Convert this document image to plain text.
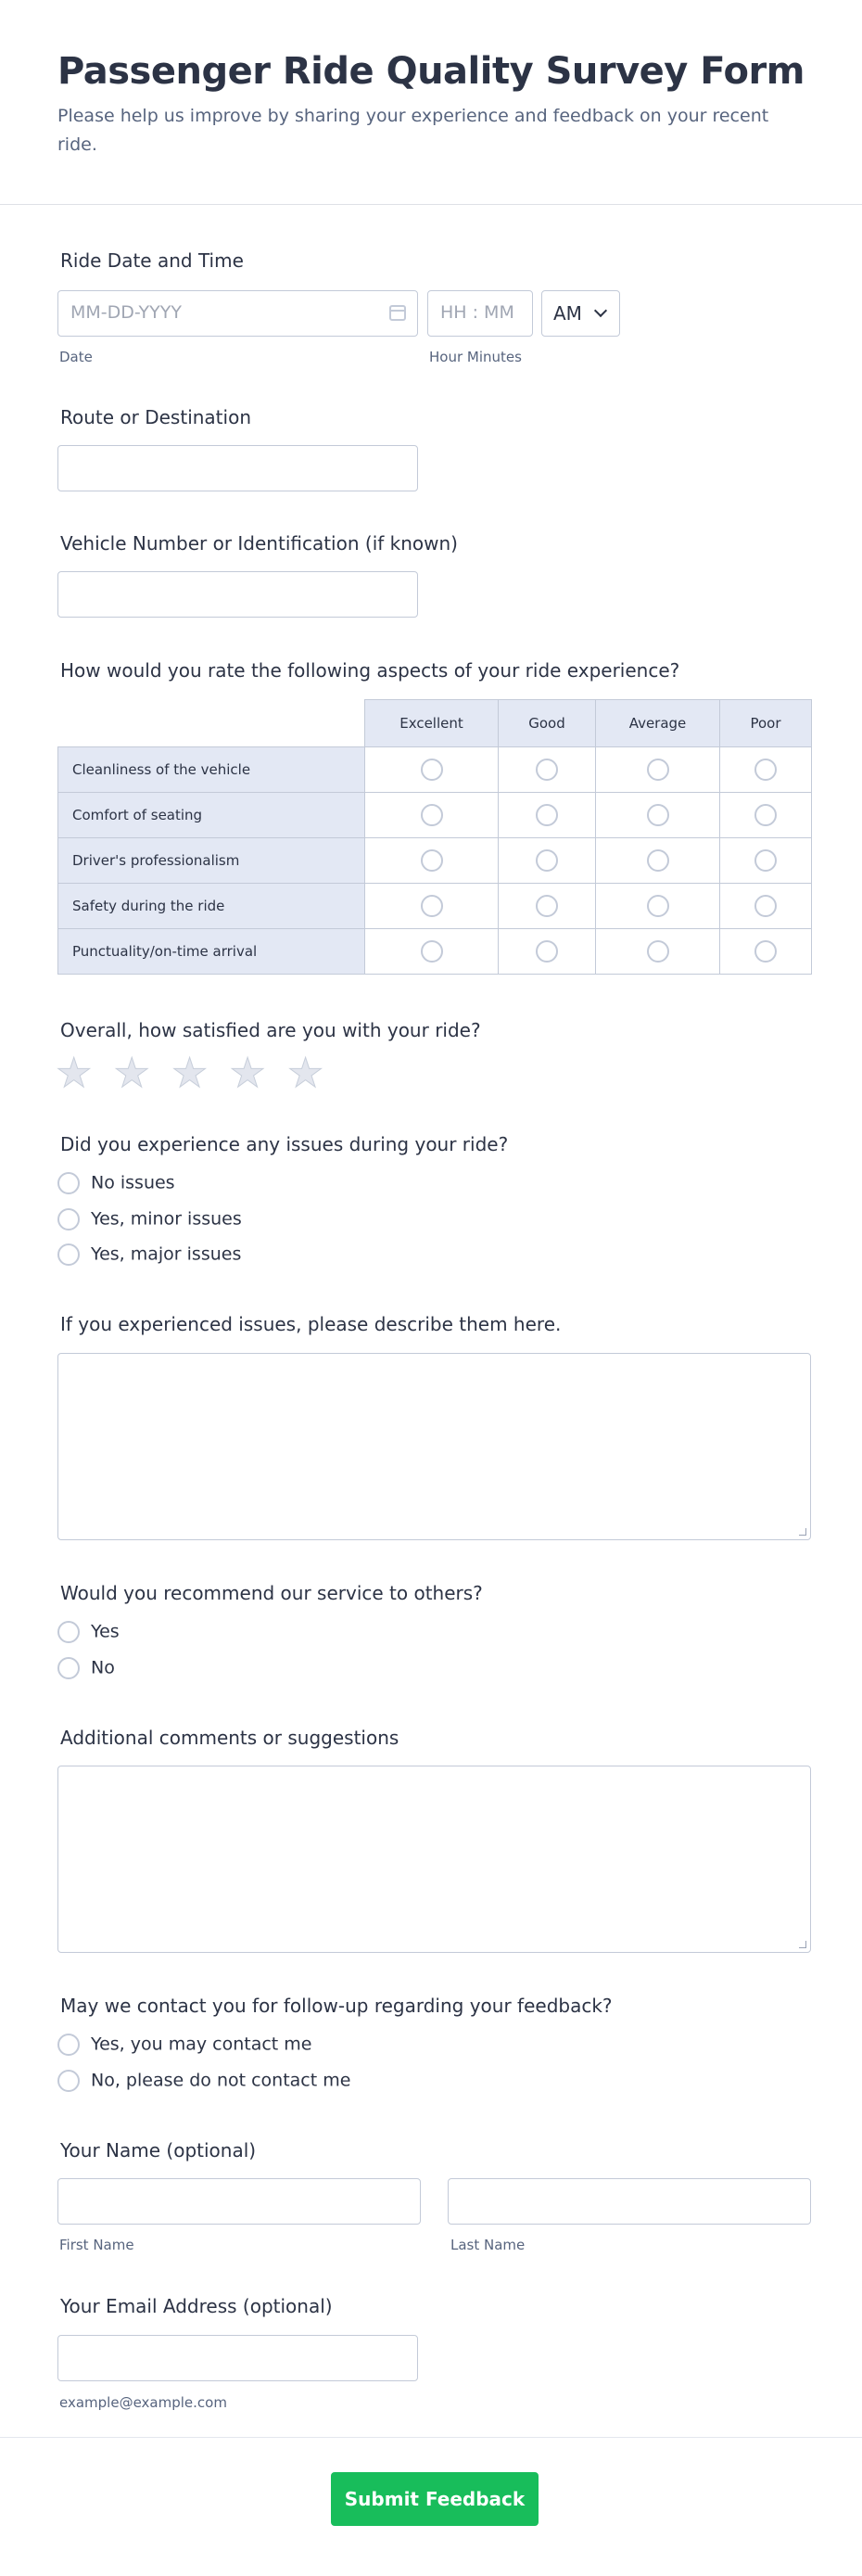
Passenger Ride Quality Survey Form
Please help us improve by sharing your experience and feedback on your recent ride.
Ride Date and Time
MM-DD-YYYY
Date
HH : MM
Hour Minutes
AM
Route or Destination
Vehicle Number or Identification (if known)
How would you rate the following aspects of your ride experience?
	Excellent	Good	Average	Poor
Cleanliness of the vehicle				
Comfort of seating				
Driver's professionalism				
Safety during the ride				
Punctuality/on-time arrival				
Overall, how satisfied are you with your ride?
★ ★ ★ ★ ★
Did you experience any issues during your ride?
No issues
Yes, minor issues
Yes, major issues
If you experienced issues, please describe them here.
Would you recommend our service to others?
Yes
No
Additional comments or suggestions
May we contact you for follow-up regarding your feedback?
Yes, you may contact me
No, please do not contact me
Your Name (optional)
First Name	Last Name
Your Email Address (optional)
example@example.com
Submit Feedback
